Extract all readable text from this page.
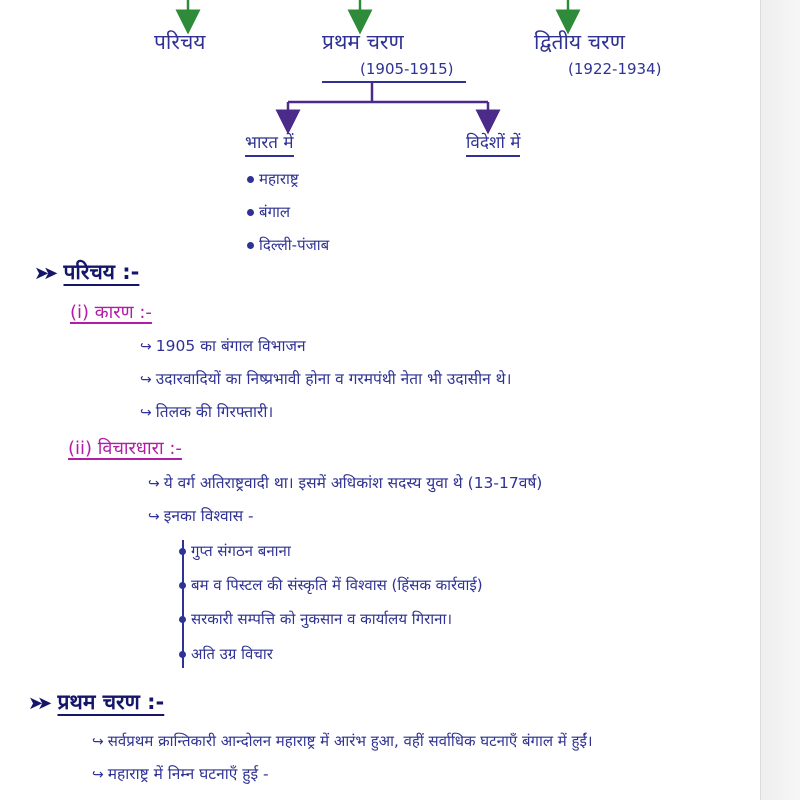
परिचय	प्रथम चरण
(1905-1915)
द्वितीय चरण
(1922-1934)
भारत में	विदेशों में
महाराष्ट्र
बंगाल
दिल्ली-पंजाब
➤➤ परिचय :-
(i) कारण :-
↪ 1905 का बंगाल विभाजन
↪ उदारवादियों का निष्प्रभावी होना व गरमपंथी नेता भी उदासीन थे।
↪ तिलक की गिरफ्तारी।
(ii) विचारधारा :-
↪ ये वर्ग अतिराष्ट्रवादी था। इसमें अधिकांश सदस्य युवा थे (13-17वर्ष)
↪ इनका विश्वास -
गुप्त संगठन बनाना
बम व पिस्टल की संस्कृति में विश्वास (हिंसक कार्रवाई)
सरकारी सम्पत्ति को नुकसान व कार्यालय गिराना।
अति उग्र विचार
➤➤ प्रथम चरण :-
↪ सर्वप्रथम क्रान्तिकारी आन्दोलन महाराष्ट्र में आरंभ हुआ, वहीं सर्वाधिक घटनाएँ बंगाल में हुईं।
↪ महाराष्ट्र में निम्न घटनाएँ हुई -
